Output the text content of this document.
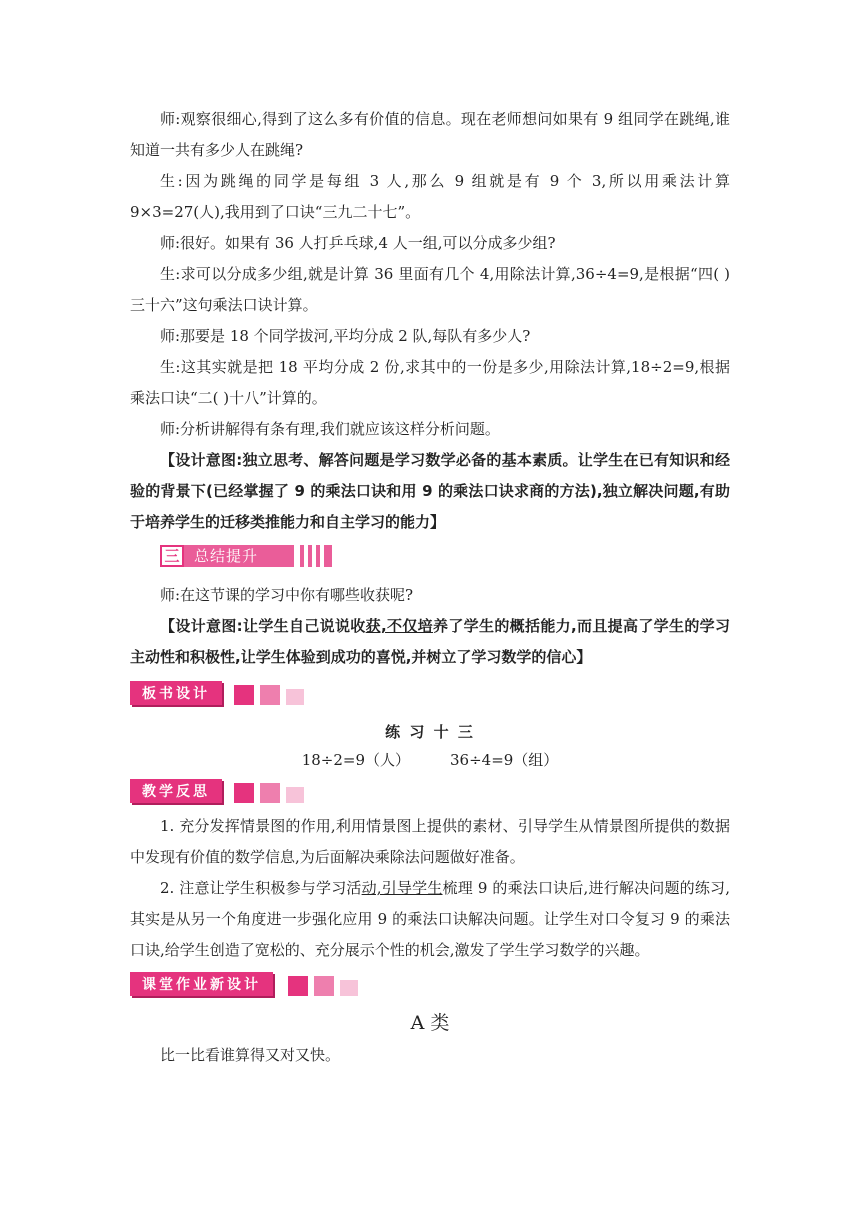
师:观察很细心,得到了这么多有价值的信息。现在老师想问如果有 9 组同学在跳绳,谁知道一共有多少人在跳绳?

生:因为跳绳的同学是每组 3 人,那么 9 组就是有 9 个 3,所以用乘法计算 9×3=27(人),我用到了口诀“三九二十七”。

师:很好。如果有 36 人打乒乓球,4 人一组,可以分成多少组?

生:求可以分成多少组,就是计算 36 里面有几个 4,用除法计算,36÷4=9,是根据“四( )三十六”这句乘法口诀计算。

师:那要是 18 个同学拔河,平均分成 2 队,每队有多少人?

生:这其实就是把 18 平均分成 2 份,求其中的一份是多少,用除法计算,18÷2=9,根据乘法口诀“二( )十八”计算的。

师:分析讲解得有条有理,我们就应该这样分析问题。

【设计意图:独立思考、解答问题是学习数学必备的基本素质。让学生在已有知识和经验的背景下(已经掌握了 9 的乘法口诀和用 9 的乘法口诀求商的方法),独立解决问题,有助于培养学生的迁移类推能力和自主学习的能力】

三 总结提升

师:在这节课的学习中你有哪些收获呢?

【设计意图:让学生自己说说收获,不仅培养了学生的概括能力,而且提高了学生的学习主动性和积极性,让学生体验到成功的喜悦,并树立了学习数学的信心】

板书设计

练 习 十 三

18÷2=9（人）	36÷4=9（组）

教学反思

1. 充分发挥情景图的作用,利用情景图上提供的素材、引导学生从情景图所提供的数据中发现有价值的数学信息,为后面解决乘除法问题做好准备。

2. 注意让学生积极参与学习活动,引导学生梳理 9 的乘法口诀后,进行解决问题的练习,其实是从另一个角度进一步强化应用 9 的乘法口诀解决问题。让学生对口令复习 9 的乘法口诀,给学生创造了宽松的、充分展示个性的机会,激发了学生学习数学的兴趣。

课堂作业新设计

A 类

比一比看谁算得又对又快。
